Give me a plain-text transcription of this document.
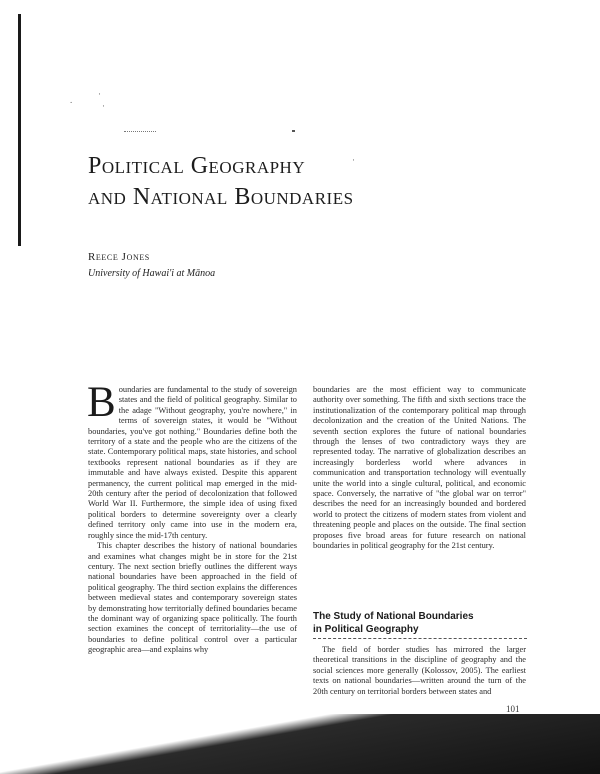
.
·
·
·
Political Geography
and National Boundaries
Reece Jones
University of Hawai'i at Mānoa

Boundaries are fundamental to the study of sovereign states and the field of political geography. Similar to the adage "Without geography, you're nowhere," in terms of sovereign states, it would be "Without boundaries, you've got nothing." Boundaries define both the territory of a state and the people who are the citizens of the state. Contemporary political maps, state histories, and school textbooks represent national boundaries as if they are immutable and have always existed. Despite this apparent permanency, the current political map emerged in the mid-20th century after the period of decolonization that followed World War II. Furthermore, the simple idea of using fixed political borders to determine sovereignty over a clearly defined territory only came into use in the modern era, roughly since the mid-17th century.

This chapter describes the history of national boundaries and examines what changes might be in store for the 21st century. The next section briefly outlines the different ways national boundaries have been approached in the field of political geography. The third section explains the differences between medieval states and contemporary sovereign states by demonstrating how territorially defined boundaries became the dominant way of organizing space politically. The fourth section examines the concept of territoriality—the use of boundaries to define political control over a particular geographic area—and explains why

boundaries are the most efficient way to communicate authority over something. The fifth and sixth sections trace the institutionalization of the contemporary political map through decolonization and the creation of the United Nations. The seventh section explores the future of national boundaries through the lenses of two contradictory ways they are represented today. The narrative of globalization describes an increasingly borderless world where advances in communication and transportation technology will eventually unite the world into a single cultural, political, and economic space. Conversely, the narrative of "the global war on terror" describes the need for an increasingly bounded and bordered world to protect the citizens of modern states from violent and threatening people and places on the outside. The final section proposes five broad areas for future research on national boundaries in political geography for the 21st century.

The Study of National Boundaries
in Political Geography

The field of border studies has mirrored the larger theoretical transitions in the discipline of geography and the social sciences more generally (Kolossov, 2005). The earliest texts on national boundaries—written around the turn of the 20th century on territorial borders between states and

101
